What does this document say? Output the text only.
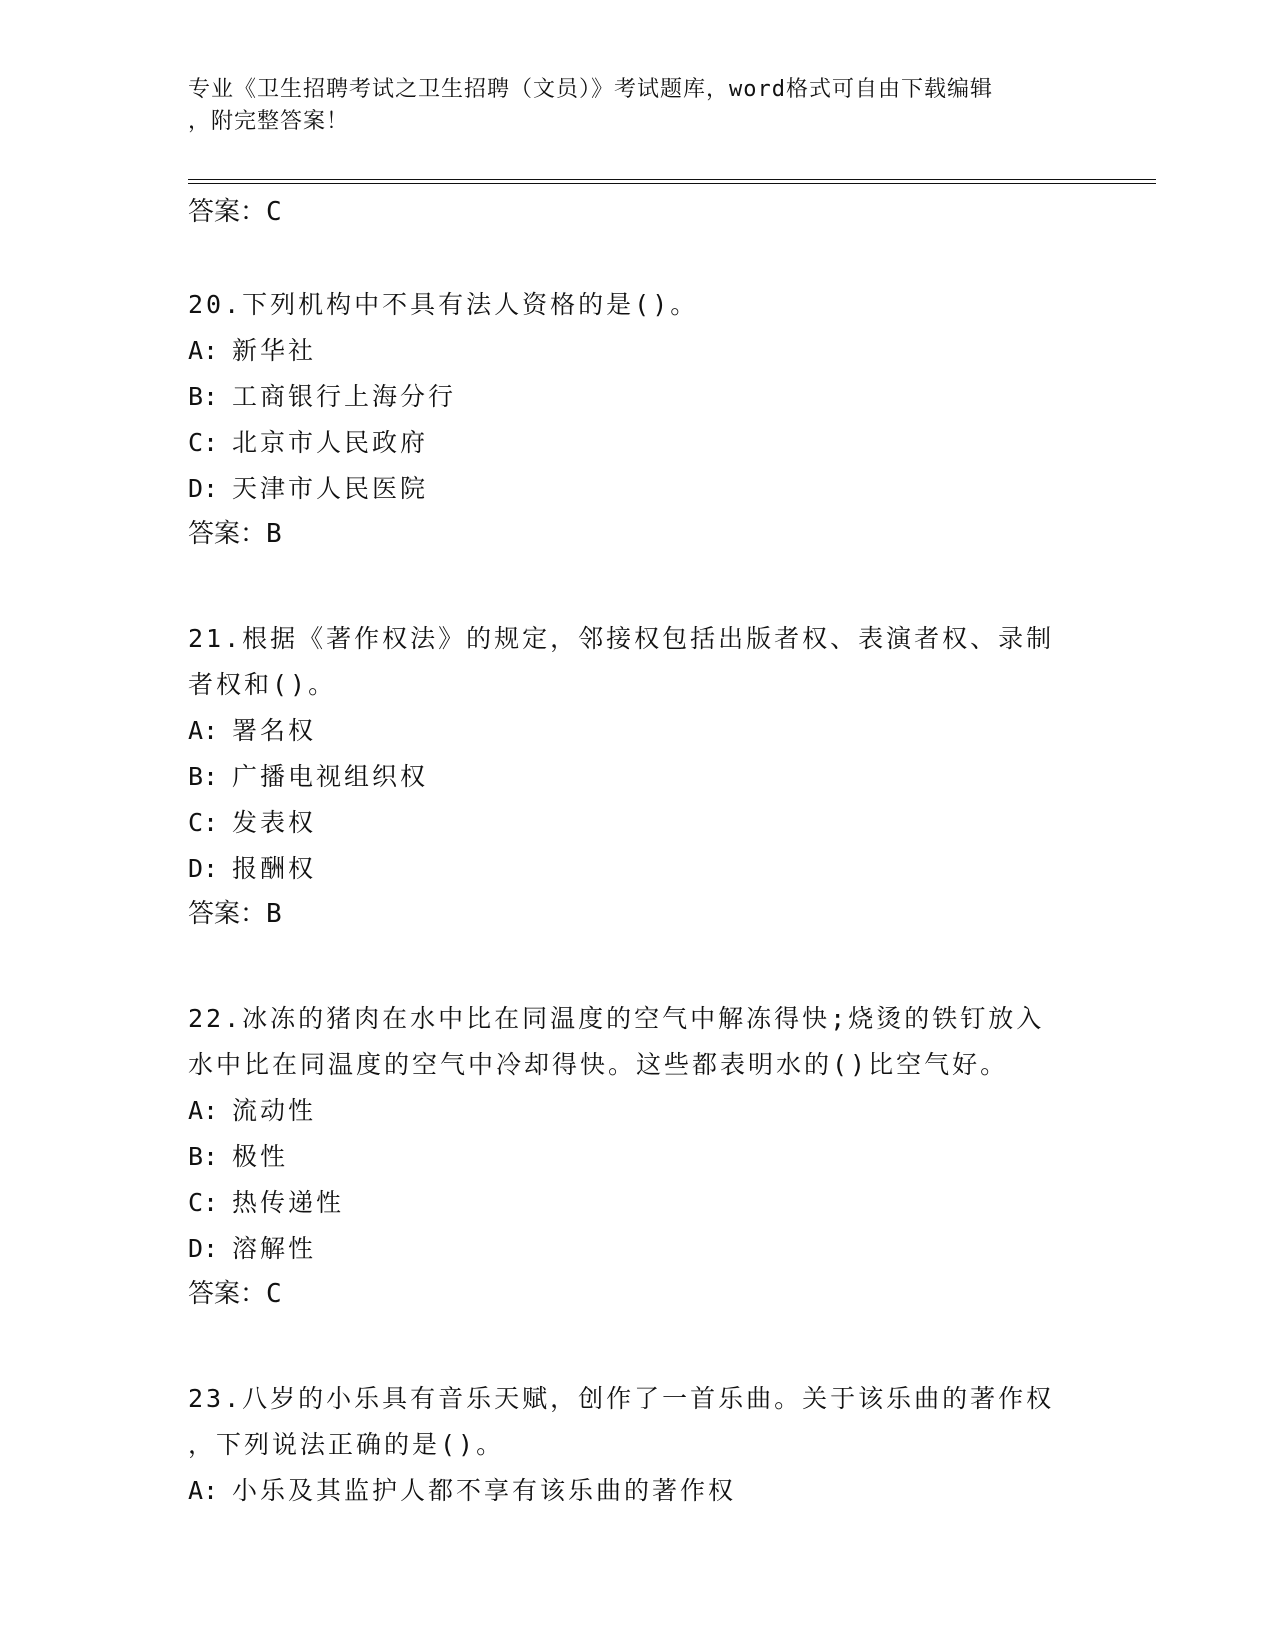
专业《卫生招聘考试之卫生招聘（文员）》考试题库，word格式可自由下载编辑
，附完整答案！
答案：C
20.下列机构中不具有法人资格的是()。
A: 新华社
B: 工商银行上海分行
C: 北京市人民政府
D: 天津市人民医院
答案：B
21.根据《著作权法》的规定，邻接权包括出版者权、表演者权、录制
者权和()。
A: 署名权
B: 广播电视组织权
C: 发表权
D: 报酬权
答案：B
22.冰冻的猪肉在水中比在同温度的空气中解冻得快;烧烫的铁钉放入
水中比在同温度的空气中冷却得快。这些都表明水的()比空气好。
A: 流动性
B: 极性
C: 热传递性
D: 溶解性
答案：C
23.八岁的小乐具有音乐天赋，创作了一首乐曲。关于该乐曲的著作权
，下列说法正确的是()。
A: 小乐及其监护人都不享有该乐曲的著作权
